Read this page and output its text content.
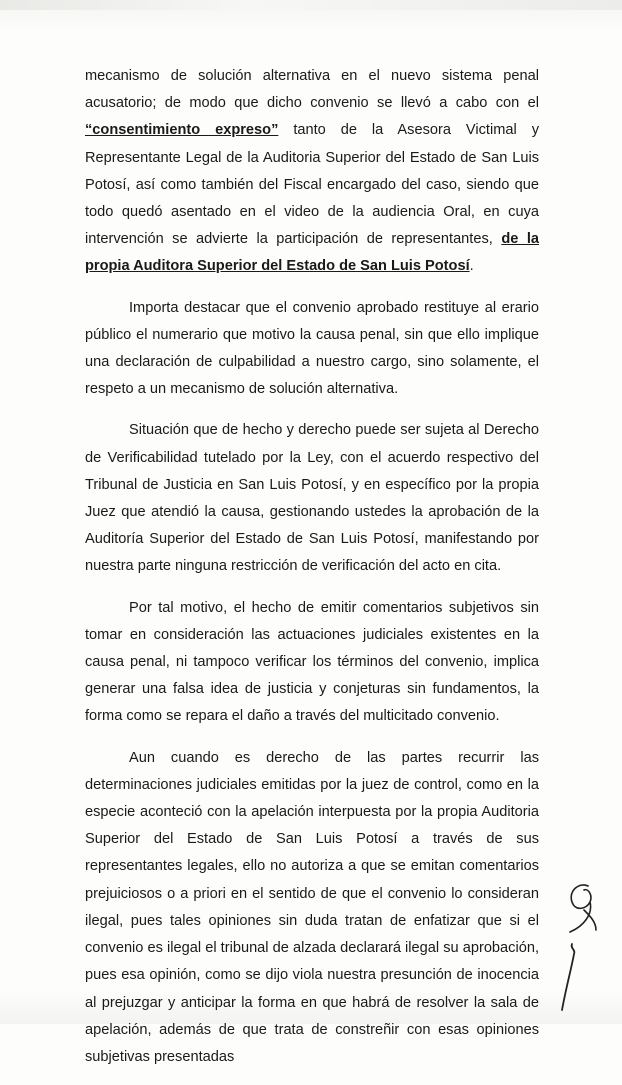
mecanismo de solución alternativa en el nuevo sistema penal acusatorio; de modo que dicho convenio se llevó a cabo con el “consentimiento expreso” tanto de la Asesora Victimal y Representante Legal de la Auditoria Superior del Estado de San Luis Potosí, así como también del Fiscal encargado del caso, siendo que todo quedó asentado en el video de la audiencia Oral, en cuya intervención se advierte la participación de representantes, de la propia Auditora Superior del Estado de San Luis Potosí.

Importa destacar que el convenio aprobado restituye al erario público el numerario que motivo la causa penal, sin que ello implique una declaración de culpabilidad a nuestro cargo, sino solamente, el respeto a un mecanismo de solución alternativa.

Situación que de hecho y derecho puede ser sujeta al Derecho de Verificabilidad tutelado por la Ley, con el acuerdo respectivo del Tribunal de Justicia en San Luis Potosí, y en específico por la propia Juez que atendió la causa, gestionando ustedes la aprobación de la Auditoría Superior del Estado de San Luis Potosí, manifestando por nuestra parte ninguna restricción de verificación del acto en cita.

Por tal motivo, el hecho de emitir comentarios subjetivos sin tomar en consideración las actuaciones judiciales existentes en la causa penal, ni tampoco verificar los términos del convenio, implica generar una falsa idea de justicia y conjeturas sin fundamentos, la forma como se repara el daño a través del multicitado convenio.

Aun cuando es derecho de las partes recurrir las determinaciones judiciales emitidas por la juez de control, como en la especie aconteció con la apelación interpuesta por la propia Auditoria Superior del Estado de San Luis Potosí a través de sus representantes legales, ello no autoriza a que se emitan comentarios prejuiciosos o a priori en el sentido de que el convenio lo consideran ilegal, pues tales opiniones sin duda tratan de enfatizar que si el convenio es ilegal el tribunal de alzada declarará ilegal su aprobación, pues esa opinión, como se dijo viola nuestra presunción de inocencia al prejuzgar y anticipar la forma en que habrá de resolver la sala de apelación, además de que trata de constreñir con esas opiniones subjetivas presentadas
